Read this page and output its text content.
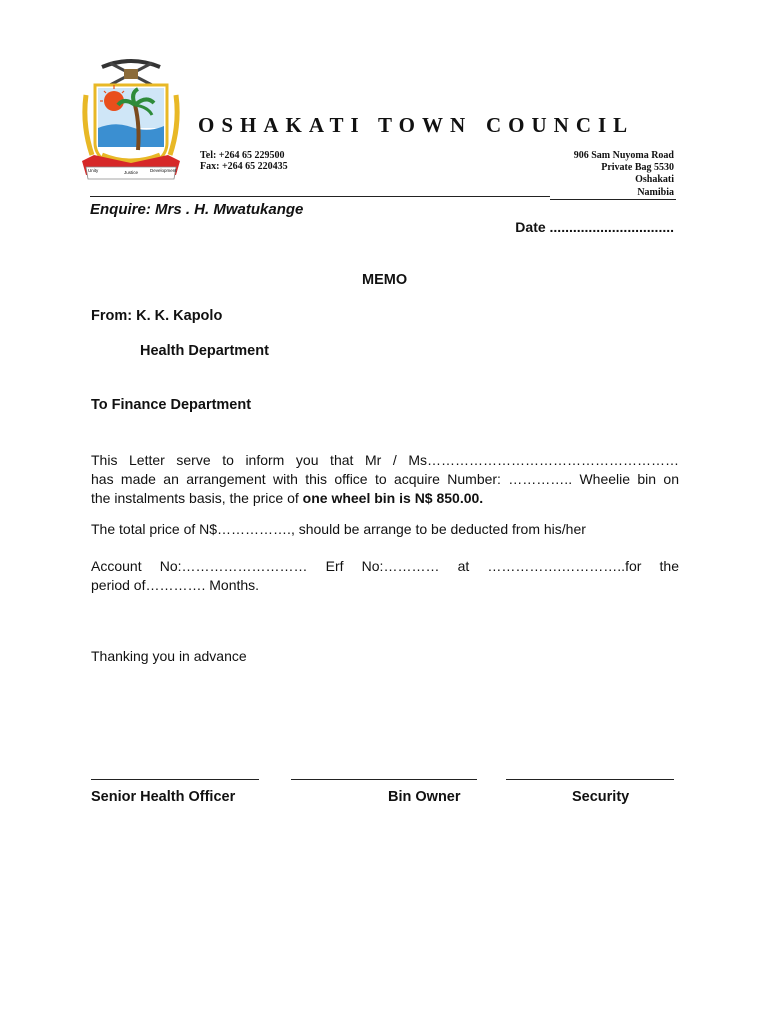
Unity	Justice	Development
OSHAKATI TOWN COUNCIL
Tel: +264 65 229500
Fax: +264 65 220435
906 Sam Nuyoma Road
Private Bag 5530
Oshakati
Namibia
Enquire: Mrs . H. Mwatukange
Date ................................
MEMO
From: K. K. Kapolo
Health Department
To Finance Department
This Letter serve to inform you that Mr / Ms………………………………………………
has made an arrangement with this office to acquire Number: ………….. Wheelie bin on
the instalments basis, the price of one wheel bin is N$ 850.00.
The total price of N$……………., should be arrange to be deducted from his/her
Account No:……………………… Erf No:………… at …………….…………..for the
period of…………. Months.
Thanking you in advance
Senior Health Officer	Bin Owner	Security
